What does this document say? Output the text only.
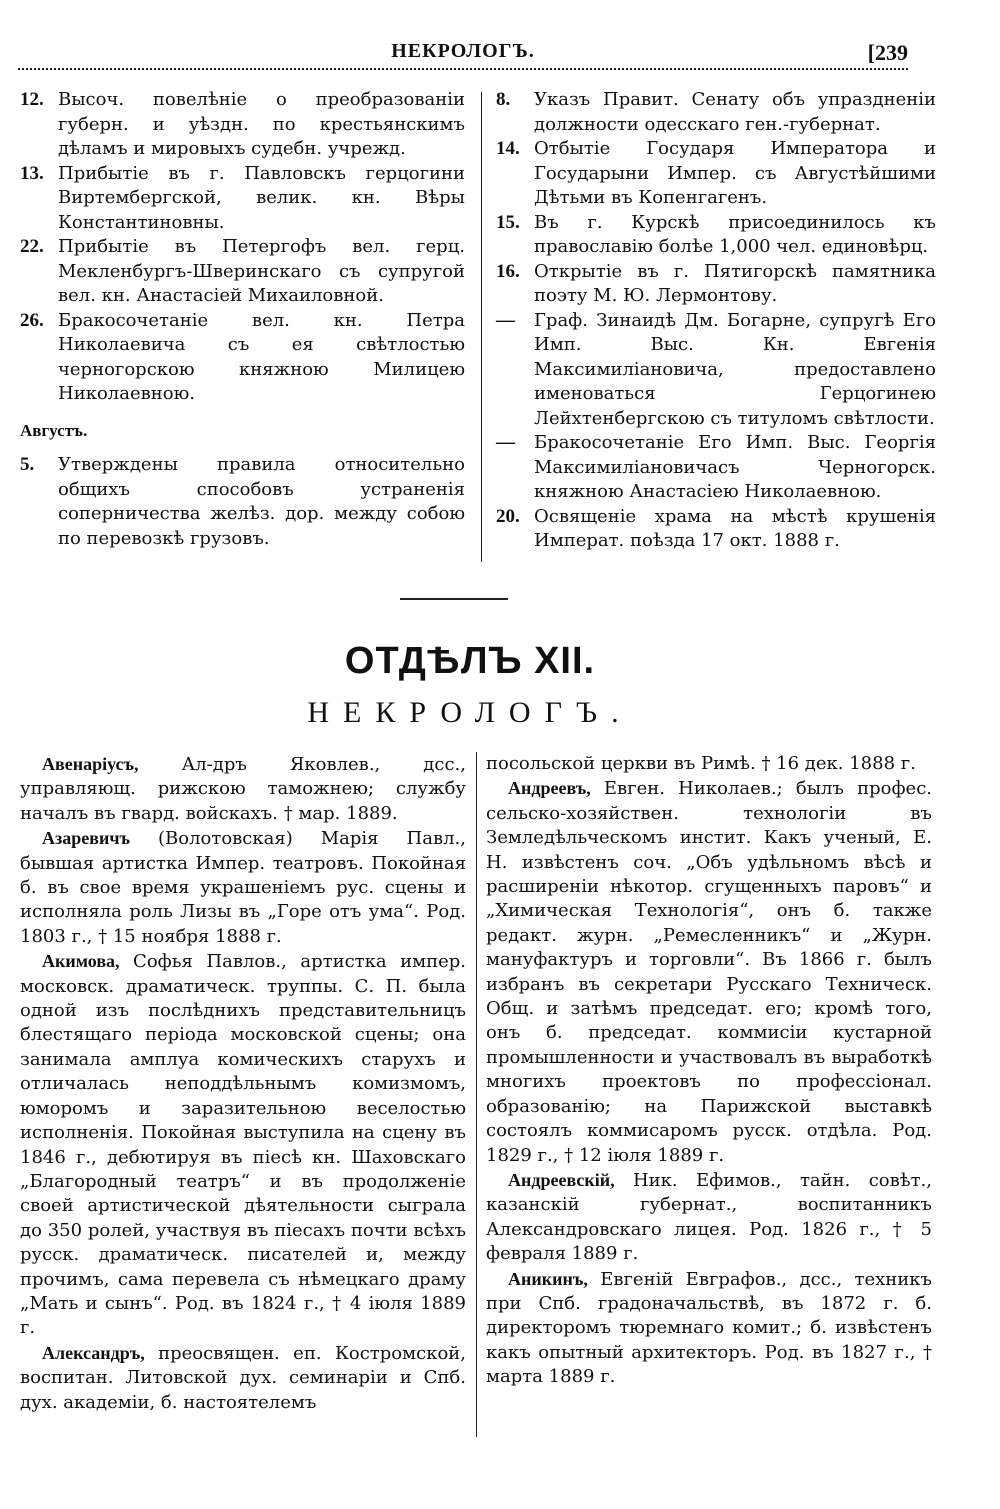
НЕКРОЛОГЪ.	[239
12. Высоч. повелѣніе о преобразованіи губерн. и уѣздн. по крестьянскимъ дѣламъ и мировыхъ судебн. учрежд.
13. Прибытіе въ г. Павловскъ герцогини Виртембергской, велик. кн. Вѣры Константиновны.
22. Прибытіе въ Петергофъ вел. герц. Мекленбургъ-Шверинскаго съ супругой вел. кн. Анастасіей Михаиловной.
26. Бракосочетаніе вел. кн. Петра Николаевича съ ея свѣтлостью черногорскою княжною Милицею Николаевною.
Августъ.
5. Утверждены правила относительно общихъ способовъ устраненія соперничества желѣз. дор. между собою по перевозкѣ грузовъ.
8. Указъ Правит. Сенату объ упраздненіи должности одесскаго ген.-губернат.
14. Отбытіе Государя Императора и Государыни Импер. съ Августѣйшими Дѣтьми въ Копенгагенъ.
15. Въ г. Курскѣ присоединилось къ православію болѣе 1,000 чел. единовѣрц.
16. Открытіе въ г. Пятигорскѣ памятника поэту М. Ю. Лермонтову.
— Граф. Зинаидѣ Дм. Богарне, супругѣ Его Имп. Выс. Кн. Евгенія Максимиліановича, предоставлено именоваться Герцогинею Лейхтенбергскою съ титуломъ свѣтлости.
— Бракосочетаніе Его Имп. Выс. Георгія Максимиліановичасъ Черногорск. княжною Анастасіею Николаевною.
20. Освященіе храма на мѣстѣ крушенія Императ. поѣзда 17 окт. 1888 г.
ОТДѢЛЪ XII.
НЕКРОЛОГЪ.

Авенаріусъ, Ал-дръ Яковлев., дсс., управляющ. рижскою таможнею; службу началъ въ гвард. войскахъ. † мар. 1889.

Азаревичъ (Волотовская) Марія Павл., бывшая артистка Импер. театровъ. Покойная б. въ свое время украшеніемъ рус. сцены и исполняла роль Лизы въ „Горе отъ ума“. Род. 1803 г., † 15 ноября 1888 г.

Акимова, Софья Павлов., артистка импер. московск. драматическ. труппы. С. П. была одной изъ послѣднихъ представительницъ блестящаго періода московской сцены; она занимала амплуа комическихъ старухъ и отличалась неподдѣльнымъ комизмомъ, юморомъ и заразительною веселостью исполненія. Покойная выступила на сцену въ 1846 г., дебютируя въ піесѣ кн. Шаховскаго „Благородный театръ“ и въ продолженіе своей артистической дѣятельности сыграла до 350 ролей, участвуя въ піесахъ почти всѣхъ русск. драматическ. писателей и, между прочимъ, сама перевела съ нѣмецкаго драму „Мать и сынъ“. Род. въ 1824 г., † 4 іюля 1889 г.

Александръ, преосвящен. еп. Костромской, воспитан. Литовской дух. семинаріи и Спб. дух. академіи, б. настоятелемъ

посольской церкви въ Римѣ. † 16 дек. 1888 г.

Андреевъ, Евген. Николаев.; былъ профес. сельско-хозяйствен. технологіи въ Земледѣльческомъ инстит. Какъ ученый, Е. Н. извѣстенъ соч. „Объ удѣльномъ вѣсѣ и расширеніи нѣкотор. сгущенныхъ паровъ“ и „Химическая Технологія“, онъ б. также редакт. журн. „Ремесленникъ“ и „Журн. мануфактуръ и торговли“. Въ 1866 г. былъ избранъ въ секретари Русскаго Техническ. Общ. и затѣмъ председат. его; кромѣ того, онъ б. председат. коммисіи кустарной промышленности и участвовалъ въ выработкѣ многихъ проектовъ по профессіонал. образованію; на Парижской выставкѣ состоялъ коммисаромъ русск. отдѣла. Род. 1829 г., † 12 іюля 1889 г.

Андреевскій, Ник. Ефимов., тайн. совѣт., казанскій губернат., воспитанникъ Александровскаго лицея. Род. 1826 г., † 5 февраля 1889 г.

Аникинъ, Евгеній Евграфов., дсс., техникъ при Спб. градоначальствѣ, въ 1872 г. б. директоромъ тюремнаго комит.; б. извѣстенъ какъ опытный архитекторъ. Род. въ 1827 г., † марта 1889 г.
